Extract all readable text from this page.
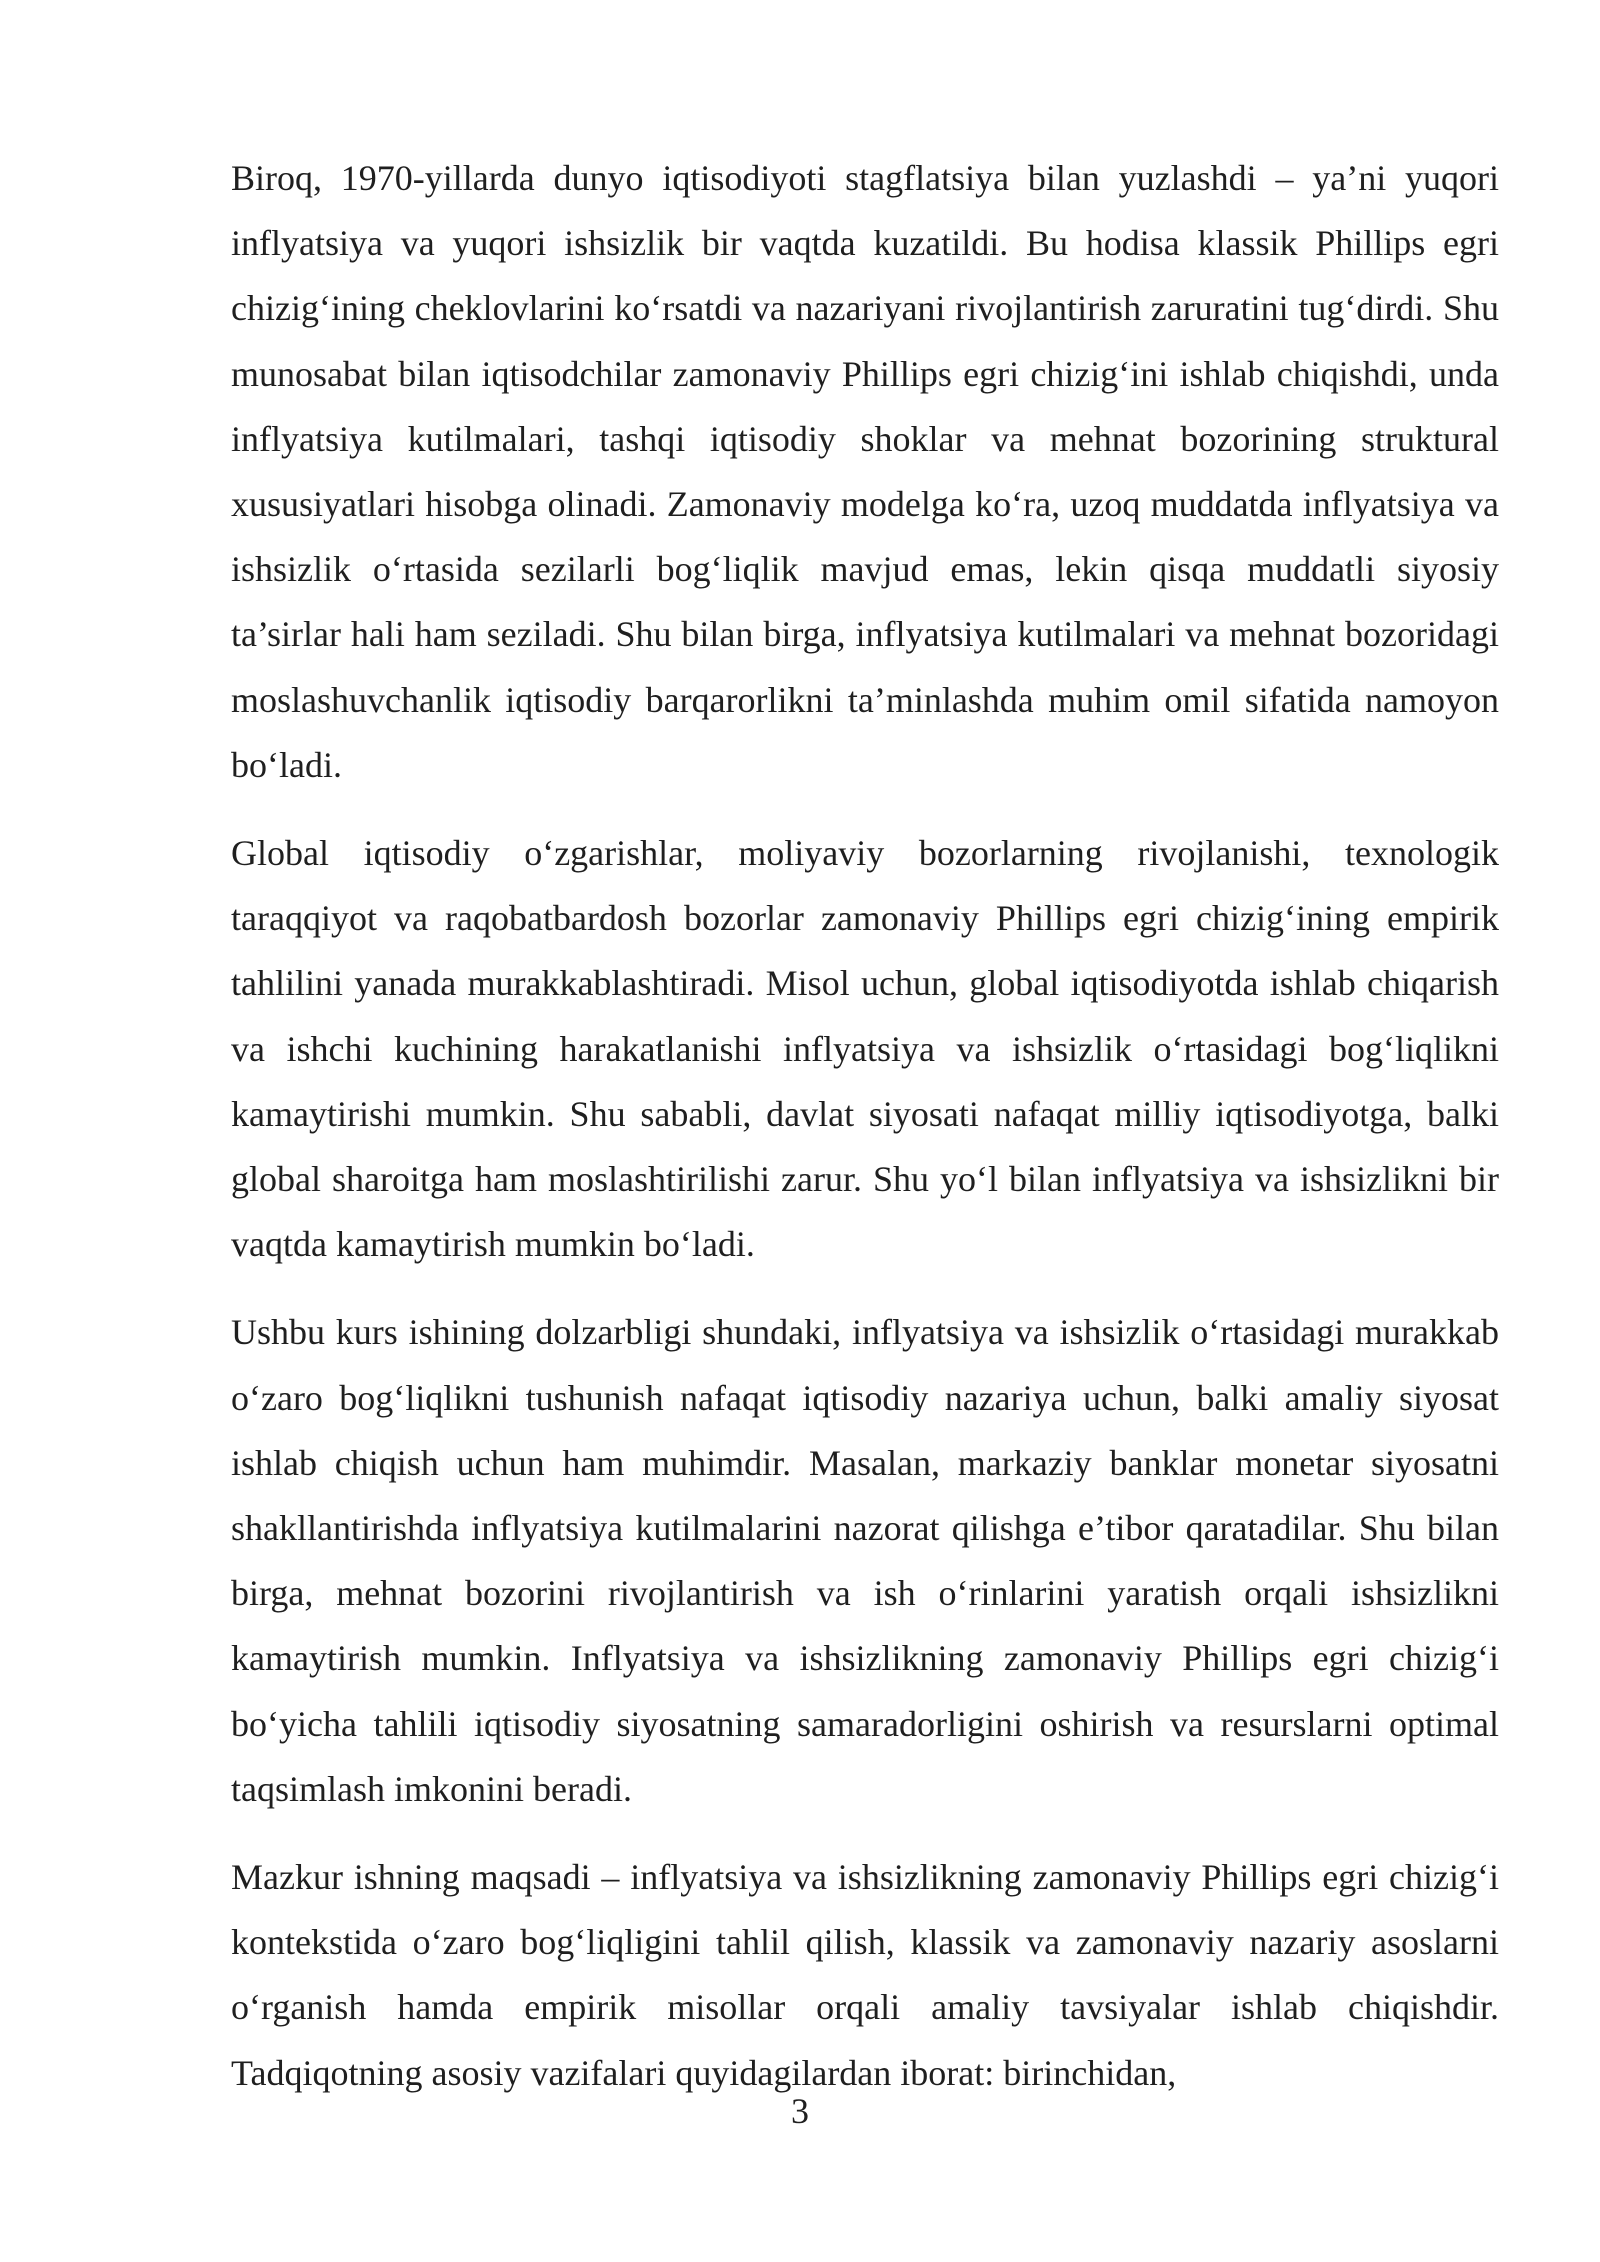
Biroq, 1970-yillarda dunyo iqtisodiyoti stagflatsiya bilan yuzlashdi – ya’ni yuqori inflyatsiya va yuqori ishsizlik bir vaqtda kuzatildi. Bu hodisa klassik Phillips egri chizig‘ining cheklovlarini ko‘rsatdi va nazariyani rivojlantirish zaruratini tug‘dirdi. Shu munosabat bilan iqtisodchilar zamonaviy Phillips egri chizig‘ini ishlab chiqishdi, unda inflyatsiya kutilmalari, tashqi iqtisodiy shoklar va mehnat bozorining struktural xususiyatlari hisobga olinadi. Zamonaviy modelga ko‘ra, uzoq muddatda inflyatsiya va ishsizlik o‘rtasida sezilarli bog‘liqlik mavjud emas, lekin qisqa muddatli siyosiy ta’sirlar hali ham seziladi. Shu bilan birga, inflyatsiya kutilmalari va mehnat bozoridagi moslashuvchanlik iqtisodiy barqarorlikni ta’minlashda muhim omil sifatida namoyon bo‘ladi.

Global iqtisodiy o‘zgarishlar, moliyaviy bozorlarning rivojlanishi, texnologik taraqqiyot va raqobatbardosh bozorlar zamonaviy Phillips egri chizig‘ining empirik tahlilini yanada murakkablashtiradi. Misol uchun, global iqtisodiyotda ishlab chiqarish va ishchi kuchining harakatlanishi inflyatsiya va ishsizlik o‘rtasidagi bog‘liqlikni kamaytirishi mumkin. Shu sababli, davlat siyosati nafaqat milliy iqtisodiyotga, balki global sharoitga ham moslashtirilishi zarur. Shu yo‘l bilan inflyatsiya va ishsizlikni bir vaqtda kamaytirish mumkin bo‘ladi.

Ushbu kurs ishining dolzarbligi shundaki, inflyatsiya va ishsizlik o‘rtasidagi murakkab o‘zaro bog‘liqlikni tushunish nafaqat iqtisodiy nazariya uchun, balki amaliy siyosat ishlab chiqish uchun ham muhimdir. Masalan, markaziy banklar monetar siyosatni shakllantirishda inflyatsiya kutilmalarini nazorat qilishga e’tibor qaratadilar. Shu bilan birga, mehnat bozorini rivojlantirish va ish o‘rinlarini yaratish orqali ishsizlikni kamaytirish mumkin. Inflyatsiya va ishsizlikning zamonaviy Phillips egri chizig‘i bo‘yicha tahlili iqtisodiy siyosatning samaradorligini oshirish va resurslarni optimal taqsimlash imkonini beradi.

Mazkur ishning maqsadi – inflyatsiya va ishsizlikning zamonaviy Phillips egri chizig‘i kontekstida o‘zaro bog‘liqligini tahlil qilish, klassik va zamonaviy nazariy asoslarni o‘rganish hamda empirik misollar orqali amaliy tavsiyalar ishlab chiqishdir. Tadqiqotning asosiy vazifalari quyidagilardan iborat: birinchidan,

3
